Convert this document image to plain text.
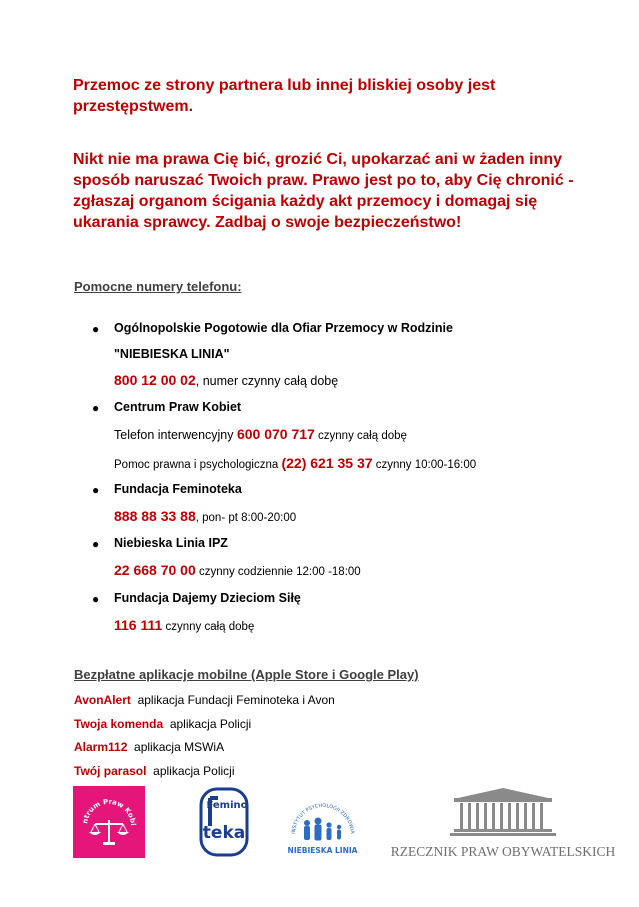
Przemoc ze strony partnera lub innej bliskiej osoby jest przestępstwem.

Nikt nie ma prawa Cię bić, grozić Ci, upokarzać ani w żaden inny sposób naruszać Twoich praw. Prawo jest po to, aby Cię chronić - zgłaszaj organom ścigania każdy akt przemocy i domagaj się ukarania sprawcy. Zadbaj o swoje bezpieczeństwo!

Pomocne numery telefonu:

● Ogólnopolskie Pogotowie dla Ofiar Przemocy w Rodzinie
"NIEBIESKA LINIA"
800 12 00 02, numer czynny całą dobę
● Centrum Praw Kobiet
Telefon interwencyjny 600 070 717 czynny całą dobę
Pomoc prawna i psychologiczna (22) 621 35 37 czynny 10:00-16:00
● Fundacja Feminoteka
888 88 33 88, pon- pt 8:00-20:00
● Niebieska Linia IPZ
22 668 70 00 czynny codziennie 12:00 -18:00
● Fundacja Dajemy Dzieciom Siłę
116 111 czynny całą dobę

Bezpłatne aplikacje mobilne (Apple Store i Google Play)

AvonAlert aplikacja Fundacji Feminoteka i Avon
Twoja komenda aplikacja Policji
Alarm112 aplikacja MSWiA
Twój parasol aplikacja Policji
ntrum Praw Kobi
Femino
teka	INSTYTUT PSYCHOLOGII ZDROWIA
NIEBIESKA LINIA RZECZNIK PRAW OBYWATELSKICH
